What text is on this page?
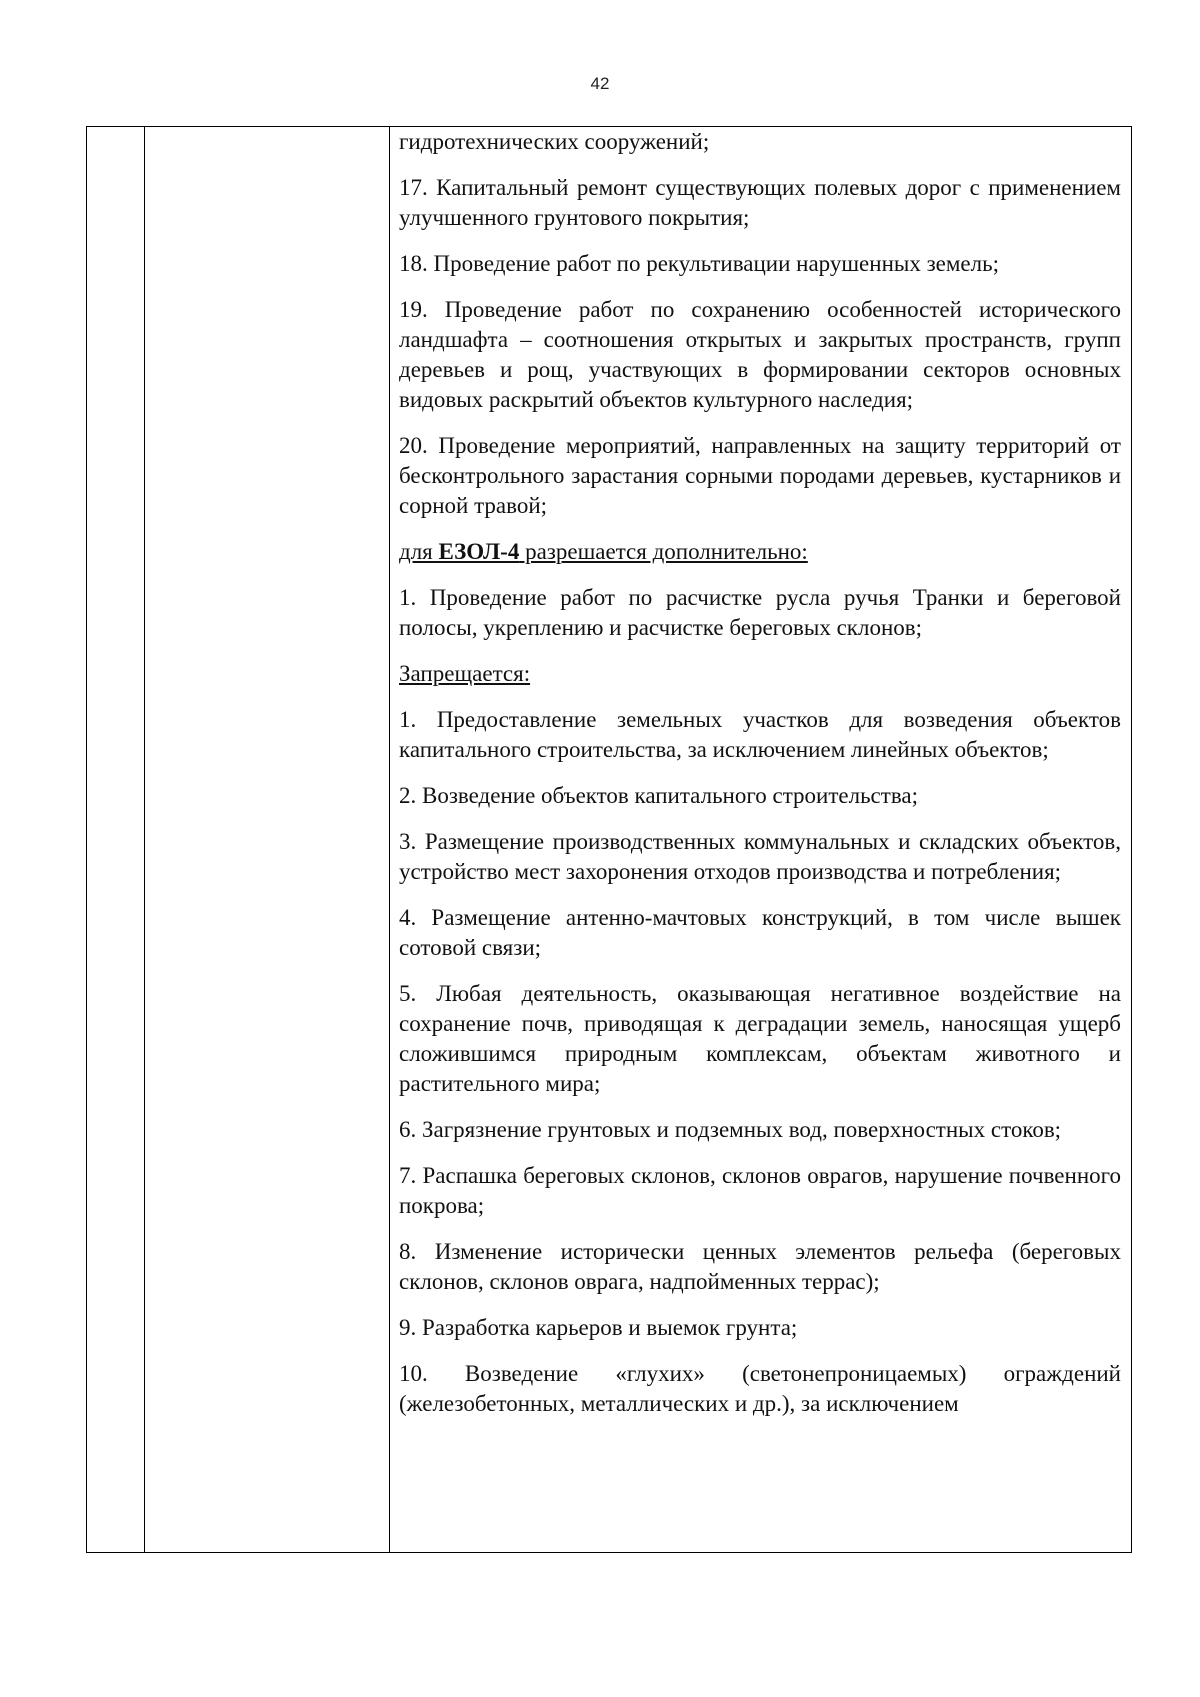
42

гидротехнических сооружений;

17. Капитальный ремонт существующих полевых дорог с применением улучшенного грунтового покрытия;

18. Проведение работ по рекультивации нарушенных земель;

19. Проведение работ по сохранению особенностей исторического ландшафта – соотношения открытых и закрытых пространств, групп деревьев и рощ, участвующих в формировании секторов основных видовых раскрытий объектов культурного наследия;

20. Проведение мероприятий, направленных на защиту территорий от бесконтрольного зарастания сорными породами деревьев, кустарников и сорной травой;

для ЕЗОЛ-4 разрешается дополнительно:

1. Проведение работ по расчистке русла ручья Транки и береговой полосы, укреплению и расчистке береговых склонов;

Запрещается:

1. Предоставление земельных участков для возведения объектов капитального строительства, за исключением линейных объектов;

2. Возведение объектов капитального строительства;

3. Размещение производственных коммунальных и складских объектов, устройство мест захоронения отходов производства и потребления;

4. Размещение антенно-мачтовых конструкций, в том числе вышек сотовой связи;

5. Любая деятельность, оказывающая негативное воздействие на сохранение почв, приводящая к деградации земель, наносящая ущерб сложившимся природным комплексам, объектам животного и растительного мира;

6. Загрязнение грунтовых и подземных вод, поверхностных стоков;

7. Распашка береговых склонов, склонов оврагов, нарушение почвенного покрова;

8. Изменение исторически ценных элементов рельефа (береговых склонов, склонов оврага, надпойменных террас);

9. Разработка карьеров и выемок грунта;

10. Возведение «глухих» (светонепроницаемых) ограждений (железобетонных, металлических и др.), за исключением
